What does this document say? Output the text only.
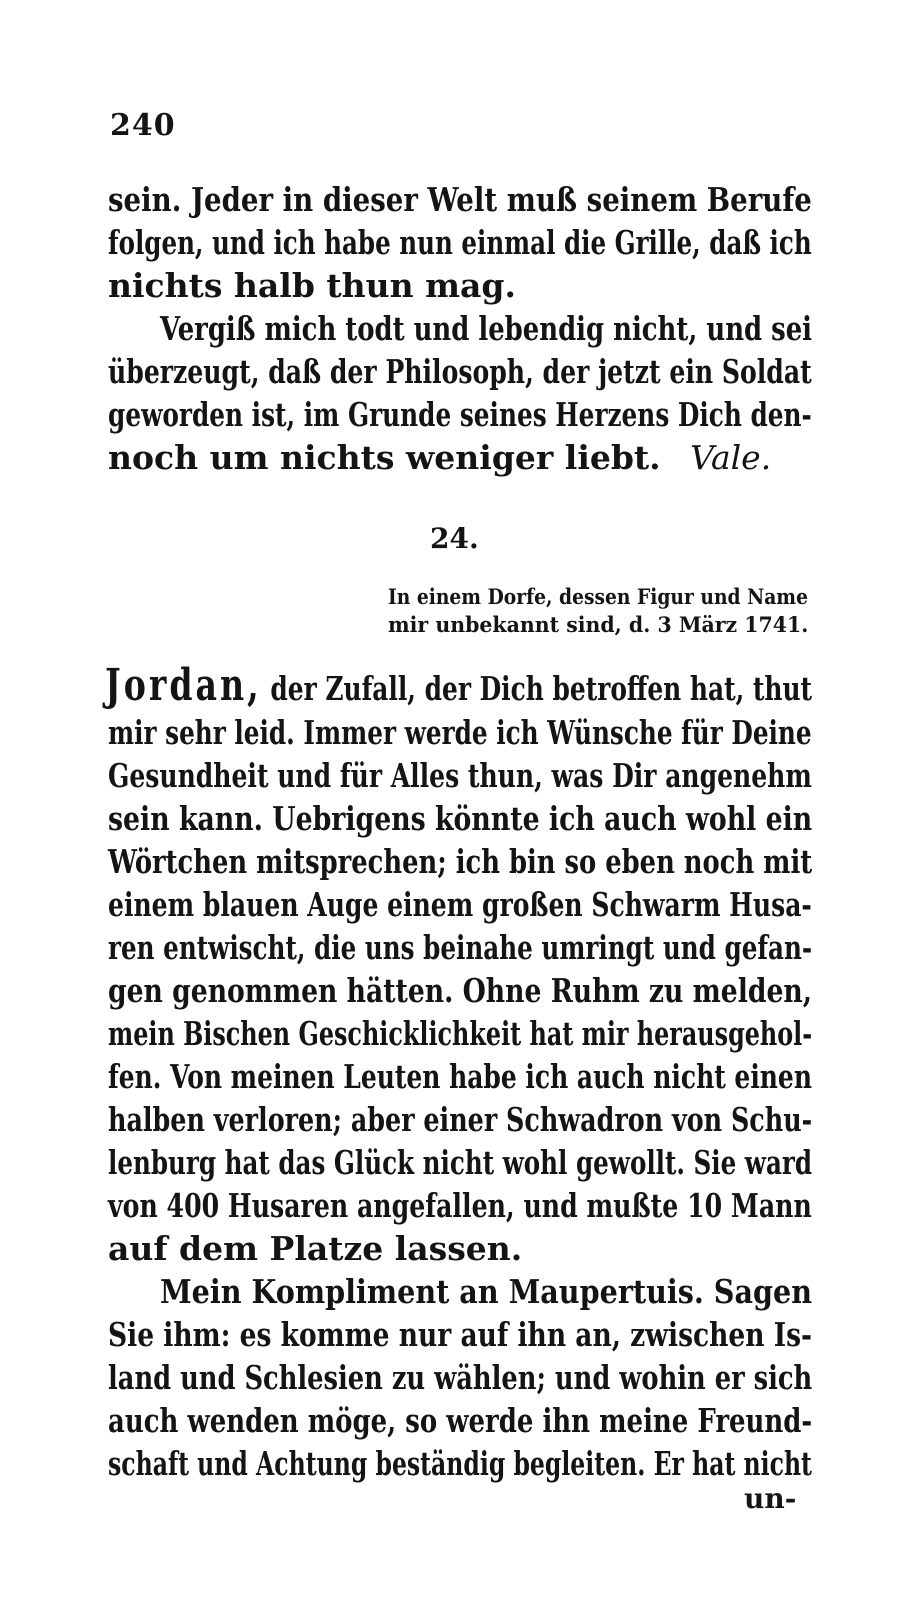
240
sein. Jeder in dieser Welt muß seinem Berufe
folgen, und ich habe nun einmal die Grille, daß ich
nichts halb thun mag.
Vergiß mich todt und lebendig nicht, und sei
überzeugt, daß der Philosoph, der jetzt ein Soldat
geworden ist, im Grunde seines Herzens Dich den-
noch um nichts weniger liebt. Vale.
24.
In einem Dorfe, dessen Figur und Name
mir unbekannt sind, d. 3 März 1741.
Jordan, der Zufall, der Dich betroffen hat, thut
mir sehr leid. Immer werde ich Wünsche für Deine
Gesundheit und für Alles thun, was Dir angenehm
sein kann. Uebrigens könnte ich auch wohl ein
Wörtchen mitsprechen; ich bin so eben noch mit
einem blauen Auge einem großen Schwarm Husa-
ren entwischt, die uns beinahe umringt und gefan-
gen genommen hätten. Ohne Ruhm zu melden,
mein Bischen Geschicklichkeit hat mir herausgehol-
fen. Von meinen Leuten habe ich auch nicht einen
halben verloren; aber einer Schwadron von Schu-
lenburg hat das Glück nicht wohl gewollt. Sie ward
von 400 Husaren angefallen, und mußte 10 Mann
auf dem Platze lassen.
Mein Kompliment an Maupertuis. Sagen
Sie ihm: es komme nur auf ihn an, zwischen Is-
land und Schlesien zu wählen; und wohin er sich
auch wenden möge, so werde ihn meine Freund-
schaft und Achtung beständig begleiten. Er hat nicht
un-
